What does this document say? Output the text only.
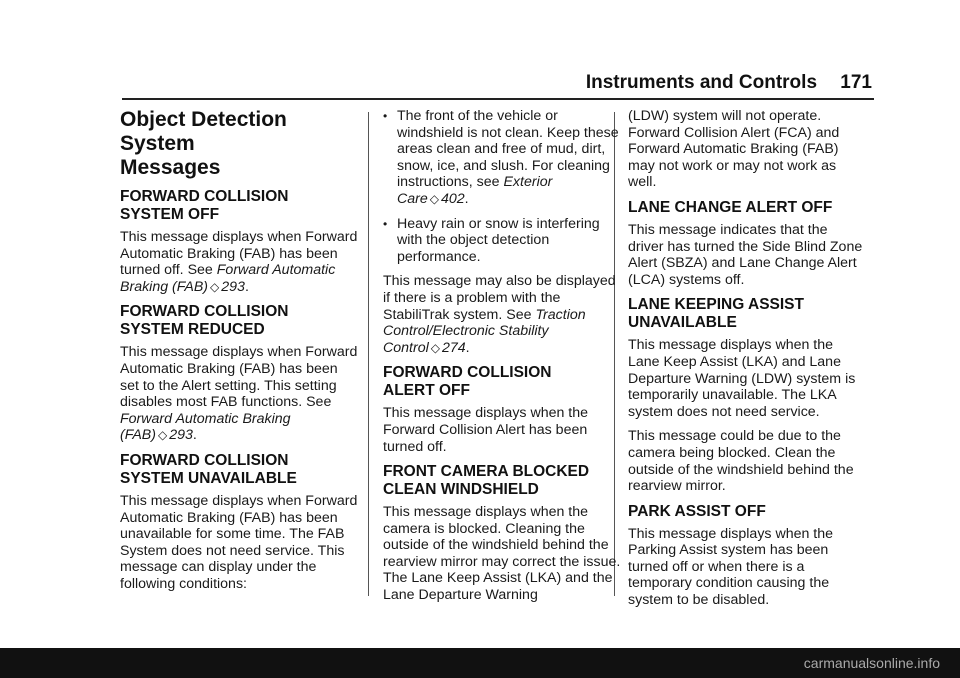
Instruments and Controls 171
Object Detection System
Messages
FORWARD COLLISION
SYSTEM OFF

This message displays when Forward Automatic Braking (FAB) has been turned off. See Forward Automatic Braking (FAB) ◇ 293.

FORWARD COLLISION
SYSTEM REDUCED

This message displays when Forward Automatic Braking (FAB) has been set to the Alert setting. This setting disables most FAB functions. See Forward Automatic Braking (FAB) ◇ 293.

FORWARD COLLISION
SYSTEM UNAVAILABLE

This message displays when Forward Automatic Braking (FAB) has been unavailable for some time. The FAB System does not need service. This message can display under the following conditions:

• The front of the vehicle or windshield is not clean. Keep these areas clean and free of mud, dirt, snow, ice, and slush. For cleaning instructions, see Exterior Care ◇ 402.
• Heavy rain or snow is interfering with the object detection performance.

This message may also be displayed if there is a problem with the StabiliTrak system. See Traction Control/Electronic Stability Control ◇ 274.

FORWARD COLLISION
ALERT OFF

This message displays when the Forward Collision Alert has been turned off.

FRONT CAMERA BLOCKED
CLEAN WINDSHIELD

This message displays when the camera is blocked. Cleaning the outside of the windshield behind the rearview mirror may correct the issue. The Lane Keep Assist (LKA) and the Lane Departure Warning

(LDW) system will not operate. Forward Collision Alert (FCA) and Forward Automatic Braking (FAB) may not work or may not work as well.

LANE CHANGE ALERT OFF

This message indicates that the driver has turned the Side Blind Zone Alert (SBZA) and Lane Change Alert (LCA) systems off.

LANE KEEPING ASSIST
UNAVAILABLE

This message displays when the Lane Keep Assist (LKA) and Lane Departure Warning (LDW) system is temporarily unavailable. The LKA system does not need service.

This message could be due to the camera being blocked. Clean the outside of the windshield behind the rearview mirror.

PARK ASSIST OFF

This message displays when the Parking Assist system has been turned off or when there is a temporary condition causing the system to be disabled.

carmanualsonline.info
